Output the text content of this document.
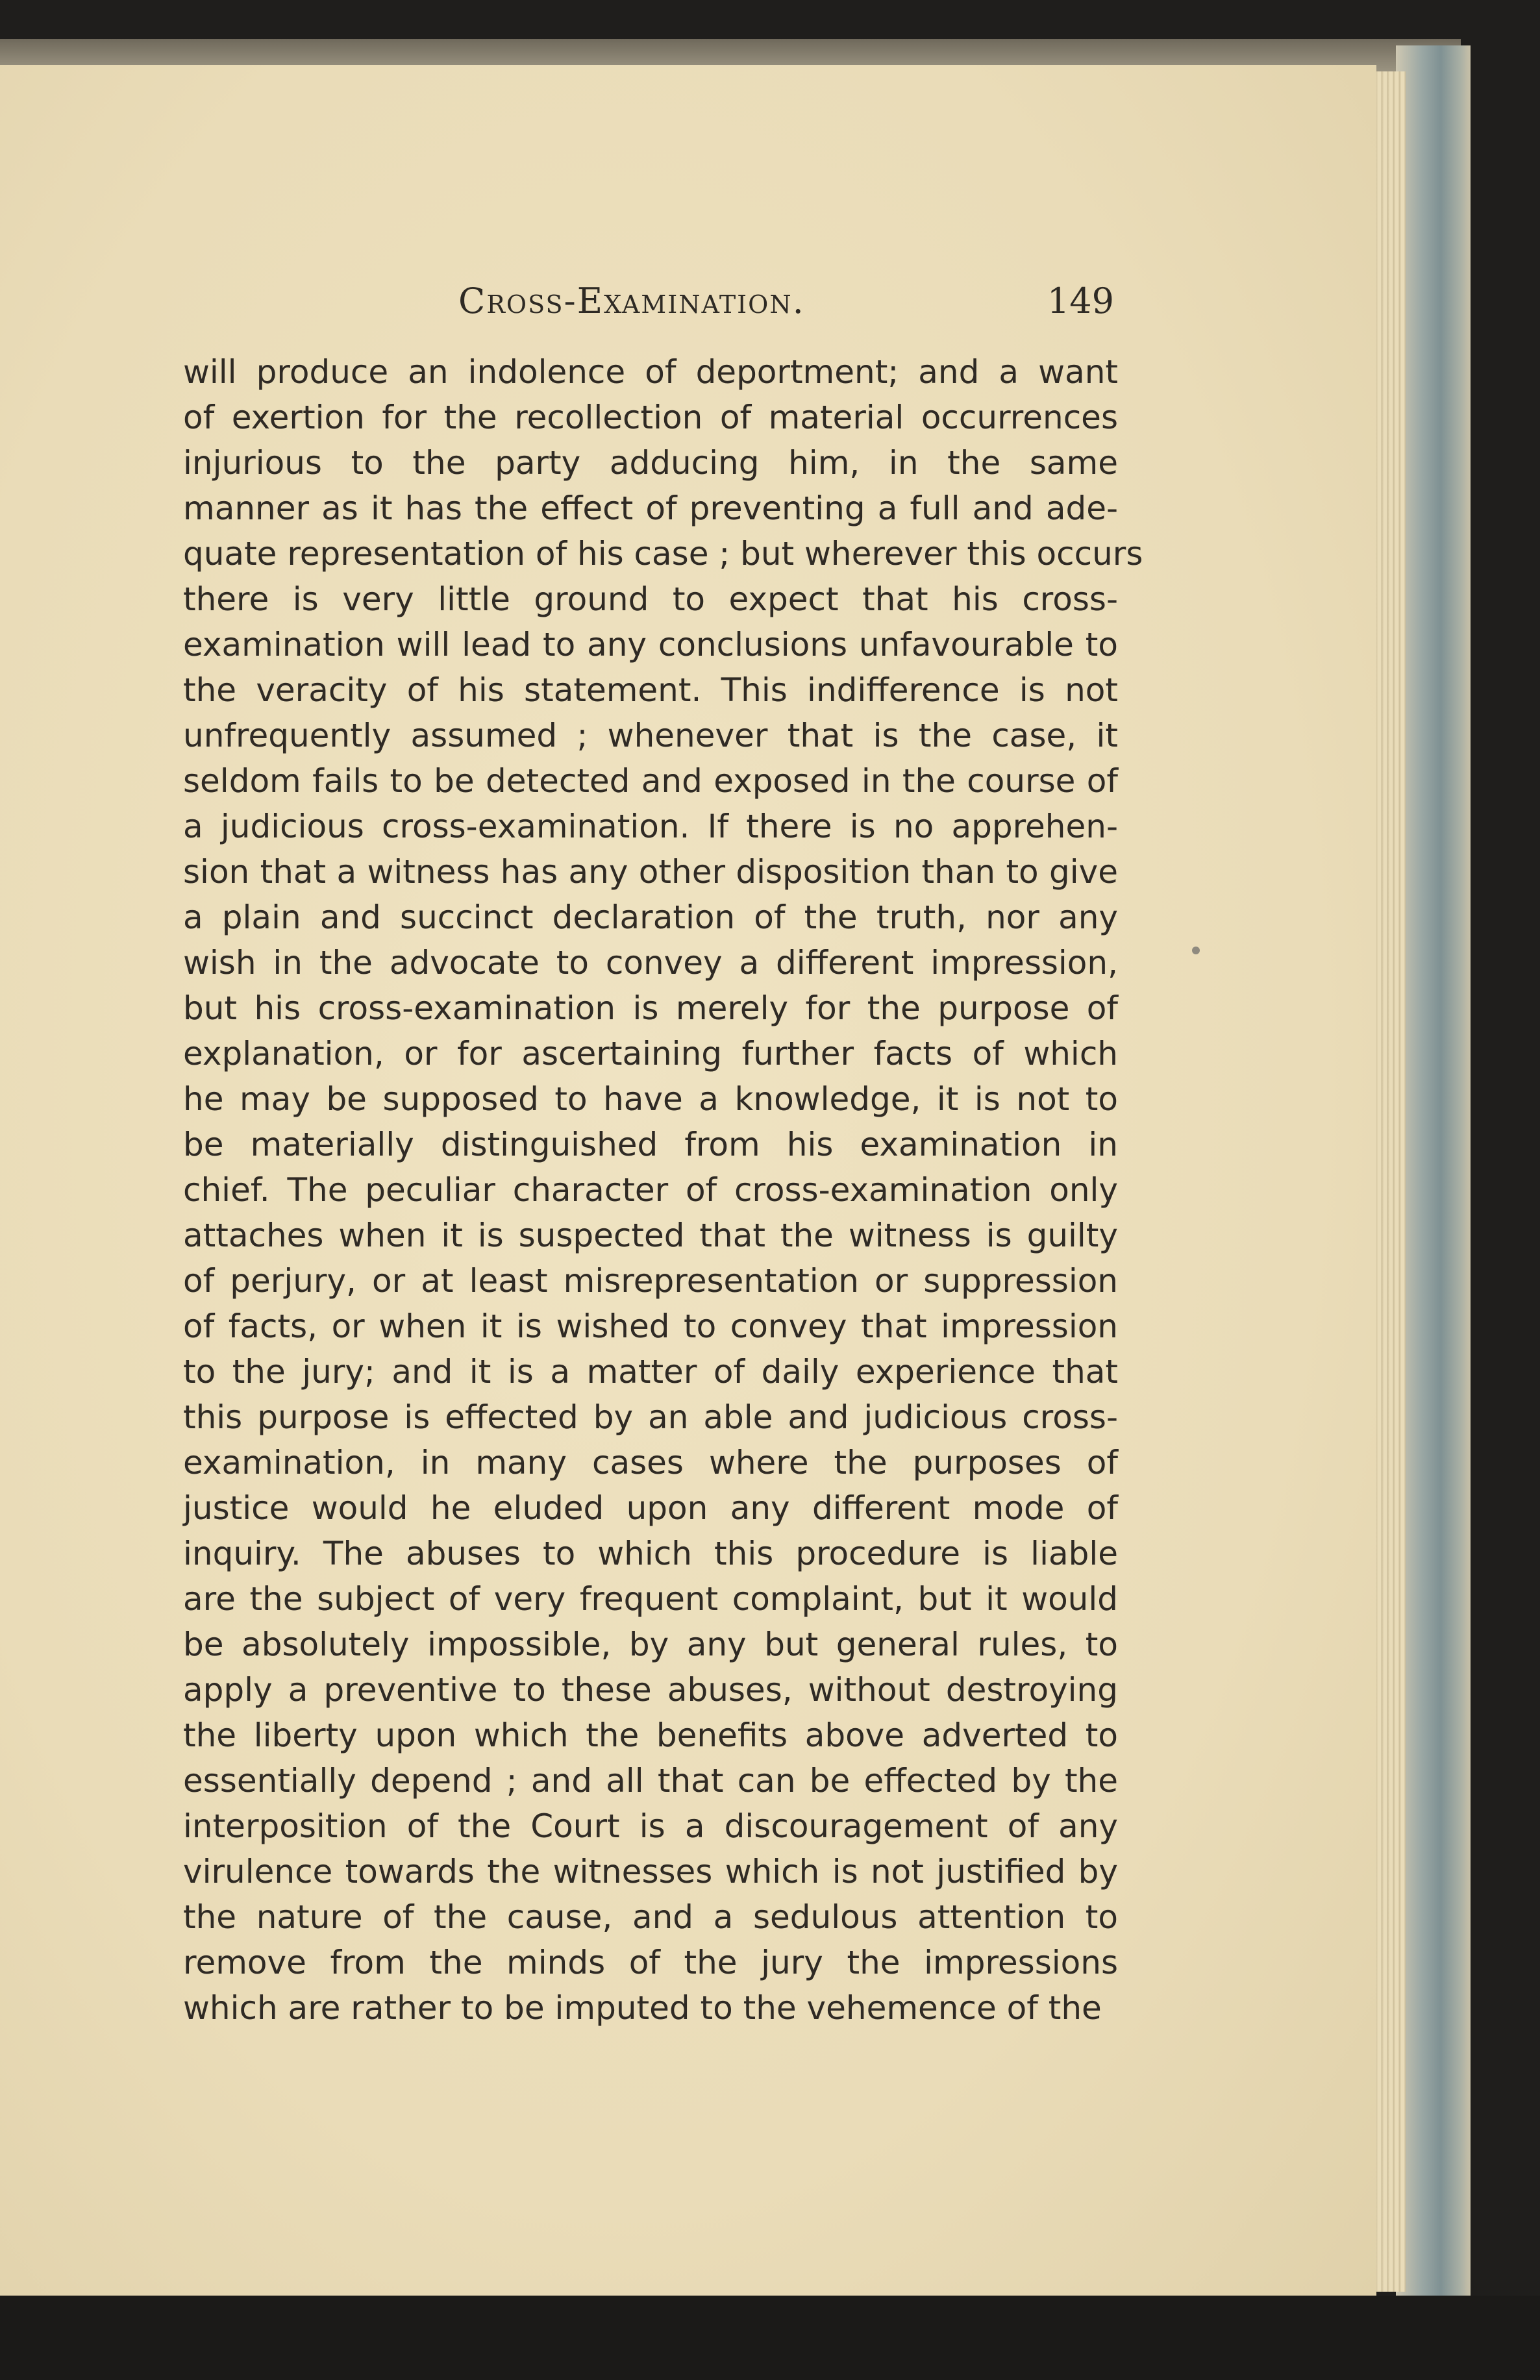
Cross-Examination.	149
will produce an indolence of deportment; and a want
of exertion for the recollection of material occurrences
injurious to the party adducing him, in the same
manner as it has the effect of preventing a full and ade-
quate representation of his case ; but wherever this occurs
there is very little ground to expect that his cross-
examination will lead to any conclusions unfavourable to
the veracity of his statement. This indifference is not
unfrequently assumed ; whenever that is the case, it
seldom fails to be detected and exposed in the course of
a judicious cross-examination. If there is no apprehen-
sion that a witness has any other disposition than to give
a plain and succinct declaration of the truth, nor any
wish in the advocate to convey a different impression,
but his cross-examination is merely for the purpose of
explanation, or for ascertaining further facts of which
he may be supposed to have a knowledge, it is not to
be materially distinguished from his examination in
chief. The peculiar character of cross-examination only
attaches when it is suspected that the witness is guilty
of perjury, or at least misrepresentation or suppression
of facts, or when it is wished to convey that impression
to the jury; and it is a matter of daily experience that
this purpose is effected by an able and judicious cross-
examination, in many cases where the purposes of
justice would he eluded upon any different mode of
inquiry. The abuses to which this procedure is liable
are the subject of very frequent complaint, but it would
be absolutely impossible, by any but general rules, to
apply a preventive to these abuses, without destroying
the liberty upon which the benefits above adverted to
essentially depend ; and all that can be effected by the
interposition of the Court is a discouragement of any
virulence towards the witnesses which is not justified by
the nature of the cause, and a sedulous attention to
remove from the minds of the jury the impressions
which are rather to be imputed to the vehemence of the
